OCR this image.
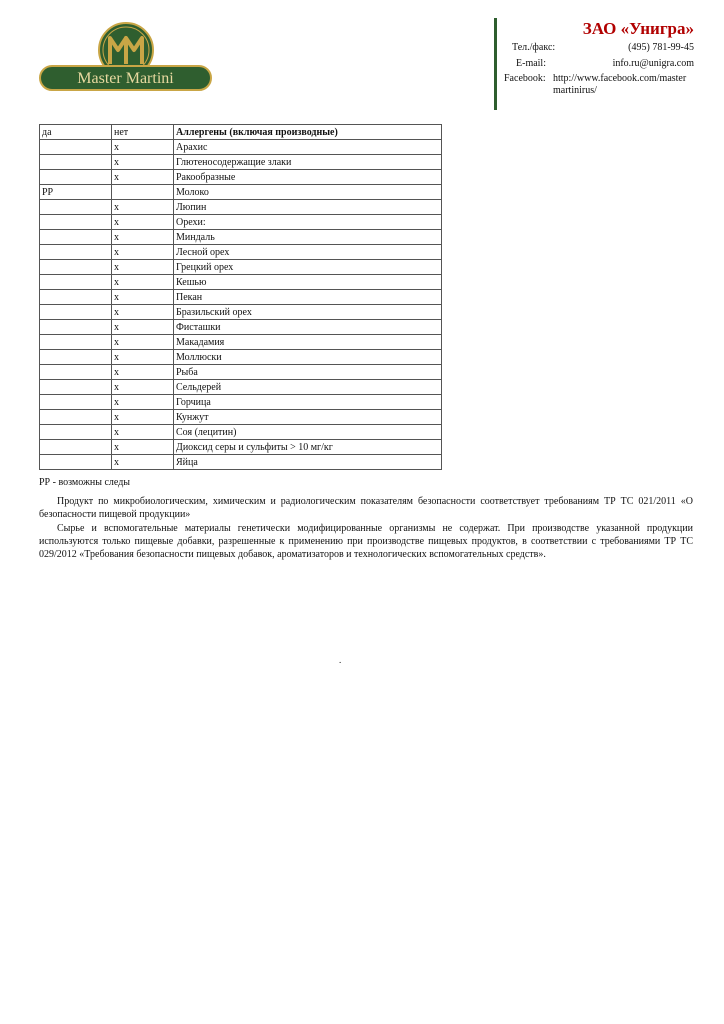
Master Martini
ЗАО «Унигра»
Тел./факс:	(495) 781-99-45
E-mail:	info.ru@unigra.com
Facebook: http://www.facebook.com/master martinirus/
да	нет	Аллергены (включая производные)
	х	Арахис
	х	Глютеносодержащие злаки
	х	Ракообразные
РР		Молоко
	х	Люпин
	х	Орехи:
	х	Миндаль
	х	Лесной орех
	х	Грецкий орех
	х	Кешью
	х	Пекан
	х	Бразильский орех
	х	Фисташки
	х	Макадамия
	х	Моллюски
	х	Рыба
	х	Сельдерей
	х	Горчица
	х	Кунжут
	х	Соя (лецитин)
	х	Диоксид серы и сульфиты > 10 мг/кг
	х	Яйца
РР - возможны следы

Продукт по микробиологическим, химическим и радиологическим показателям безопасности соответствует требованиям ТР ТС 021/2011 «О безопасности пищевой продукции»

Сырье и вспомогательные материалы генетически модифицированные организмы не содержат. При производстве указанной продукции используются только пищевые добавки, разрешенные к применению при производстве пищевых продуктов, в соответствии с требованиями ТР ТС 029/2012 «Требования безопасности пищевых добавок, ароматизаторов и технологических вспомогательных средств».

.
